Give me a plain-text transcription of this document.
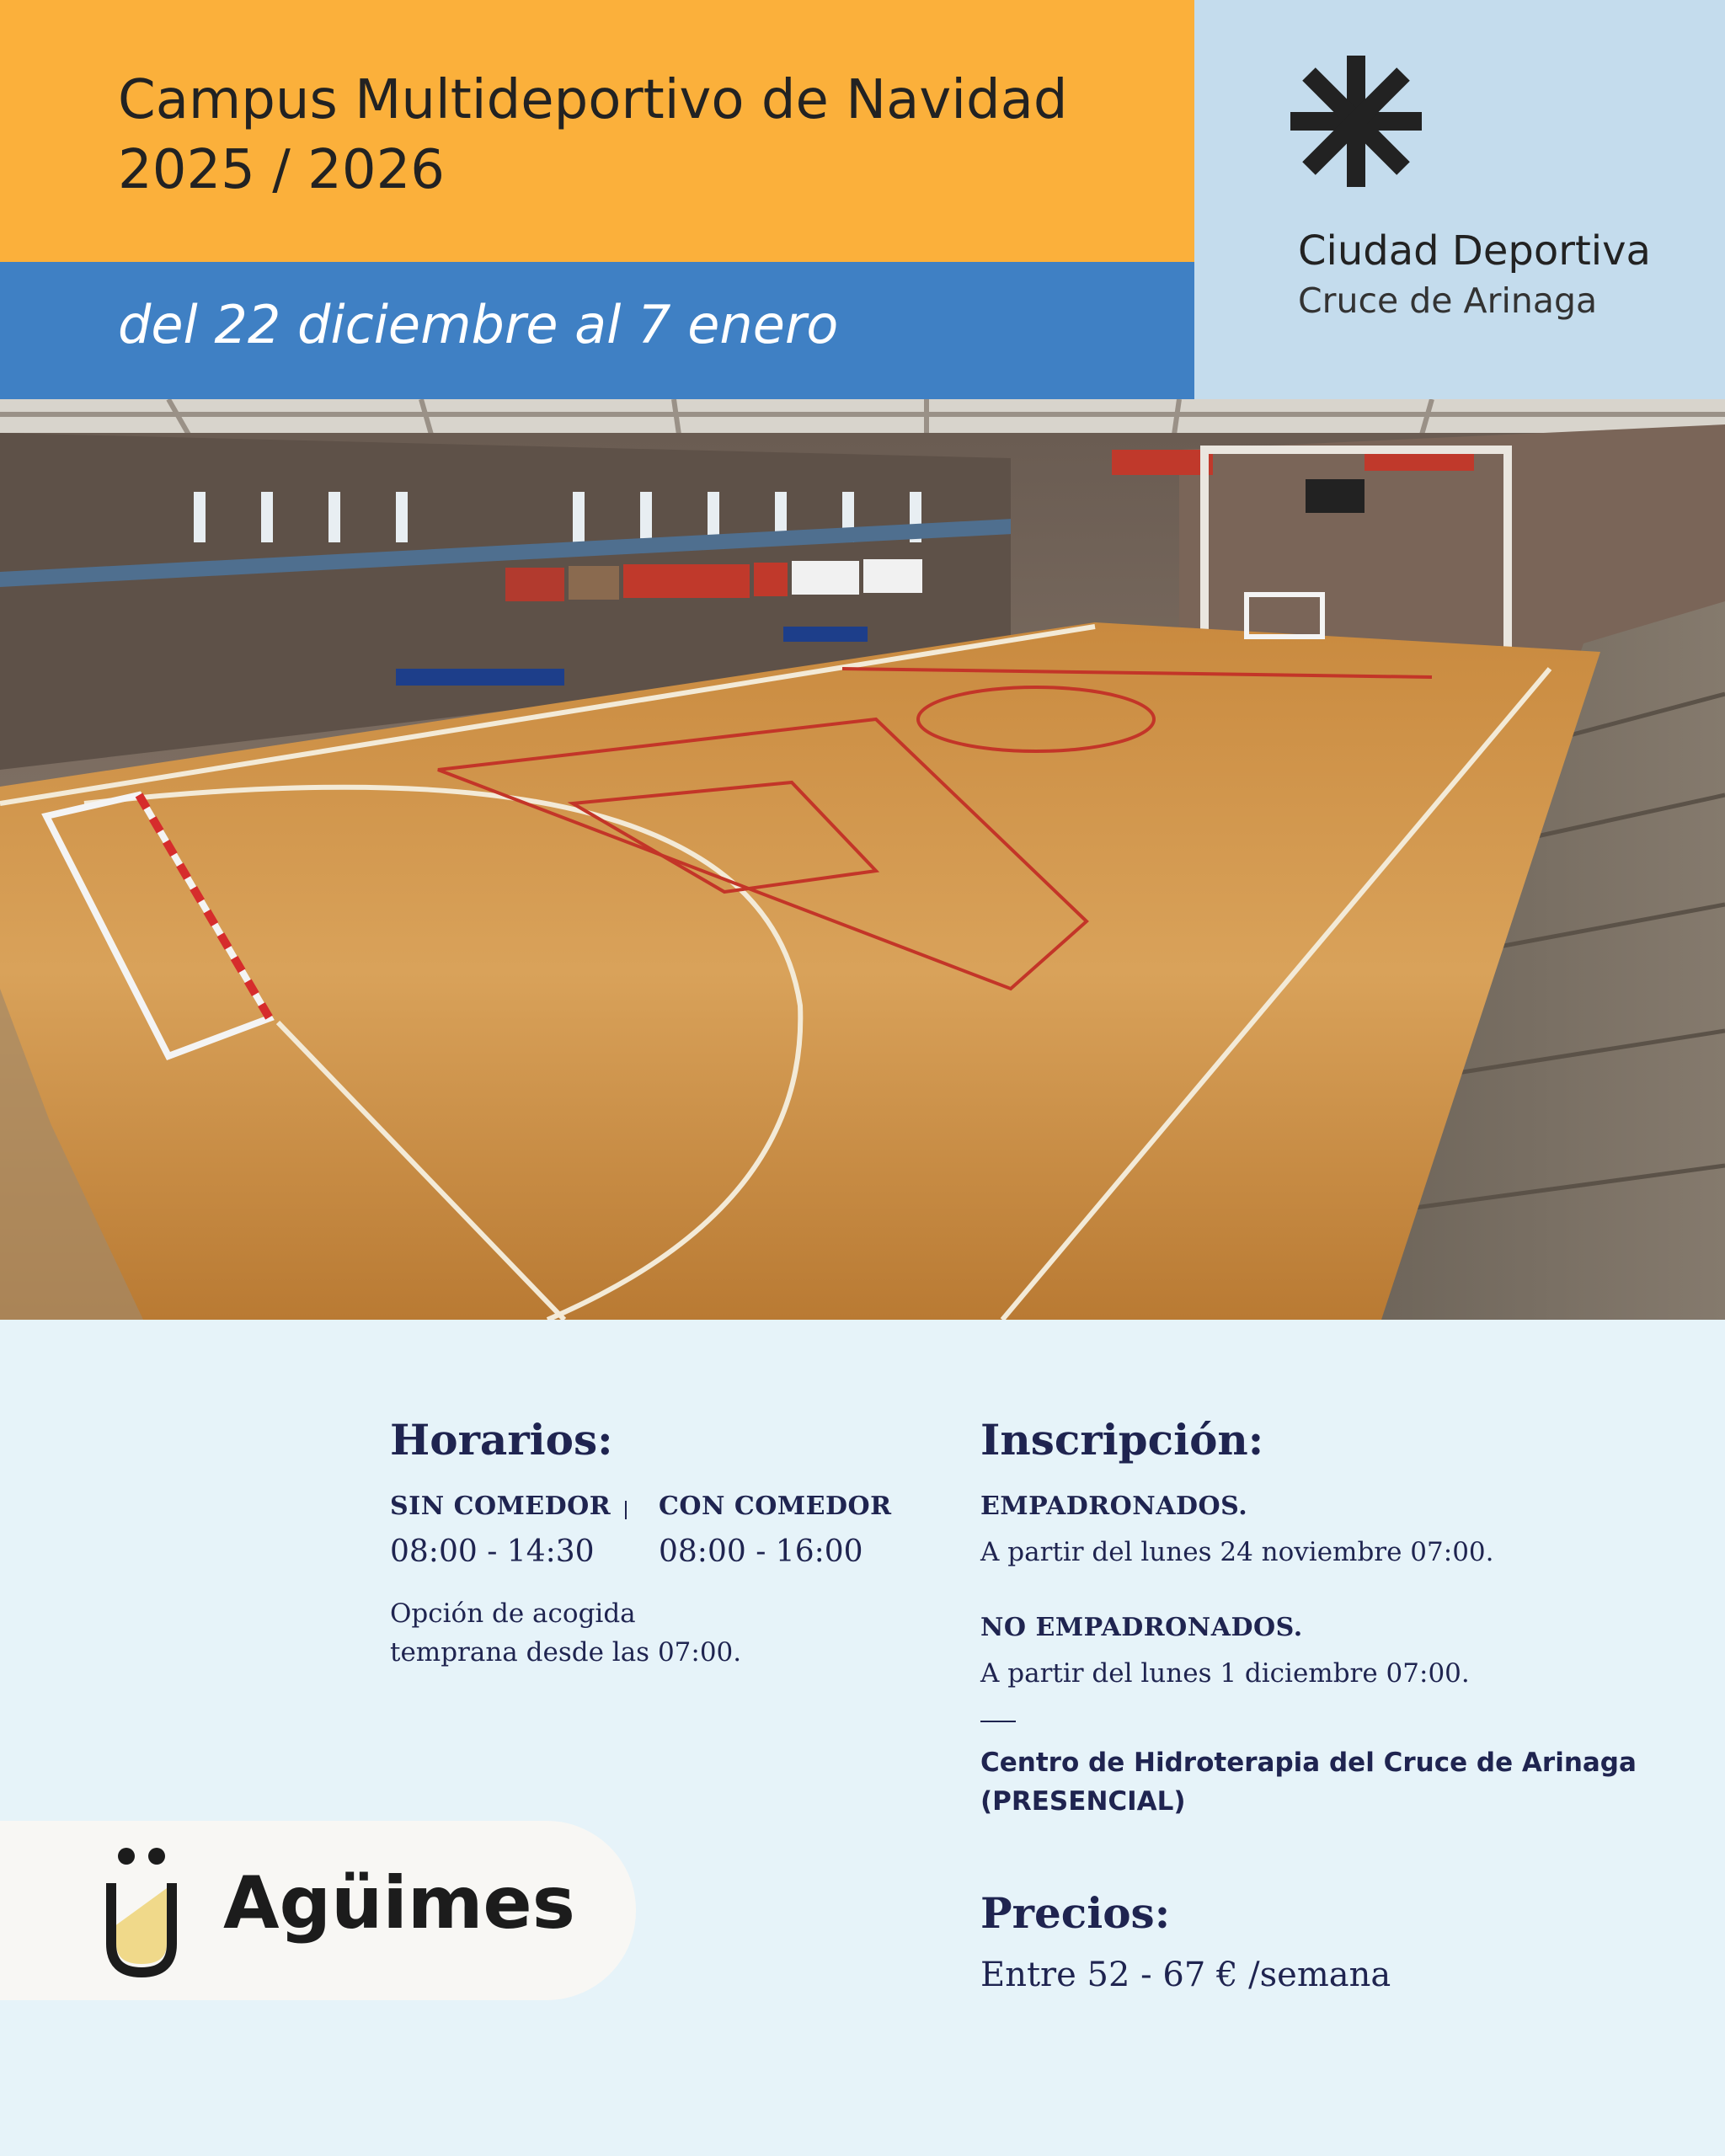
Campus Multideportivo de Navidad
2025 / 2026
del 22 diciembre al 7 enero
Ciudad Deportiva
Cruce de Arinaga
Horarios:
SIN COMEDOR CON COMEDOR
08:00 - 14:30 08:00 - 16:00
Opción de acogida
temprana desde las 07:00.
Inscripción:
EMPADRONADOS.
A partir del lunes 24 noviembre 07:00.
NO EMPADRONADOS.
A partir del lunes 1 diciembre 07:00.
Centro de Hidroterapia del Cruce de Arinaga
(PRESENCIAL)
Precios:
Entre 52 - 67 € /semana
Agüimes
